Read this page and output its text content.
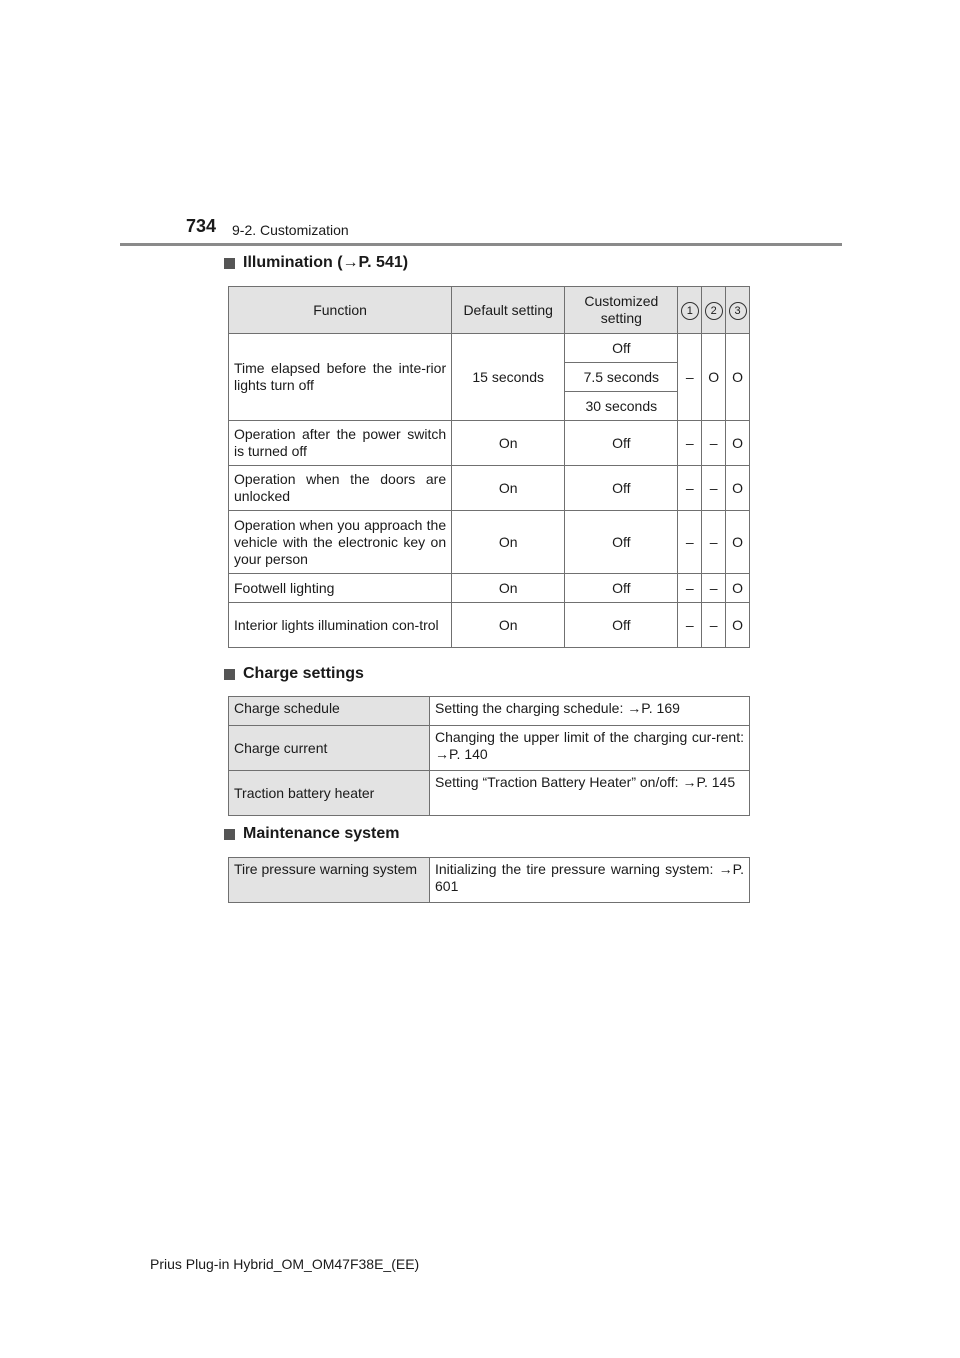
734 9-2. Customization
Illumination (→P. 541)
Function	Default setting	Customized setting	1	2	3
Time elapsed before the inte-rior lights turn off	15 seconds	Off	–	O	O
		7.5 seconds			
		30 seconds			
Operation after the power switch is turned off	On	Off	–	–	O
Operation when the doors are unlocked	On	Off	–	–	O
Operation when you approach the vehicle with the electronic key on your person	On	Off	–	–	O
Footwell lighting	On	Off	–	–	O
Interior lights illumination con-trol	On	Off	–	–	O
Charge settings
Charge schedule	Setting the charging schedule: →P. 169
Charge current	Changing the upper limit of the charging cur-rent: →P. 140
Traction battery heater	Setting “Traction Battery Heater” on/off: →P. 145
Maintenance system
Tire pressure warning system	Initializing the tire pressure warning system: →P. 601
Prius Plug-in Hybrid_OM_OM47F38E_(EE)
